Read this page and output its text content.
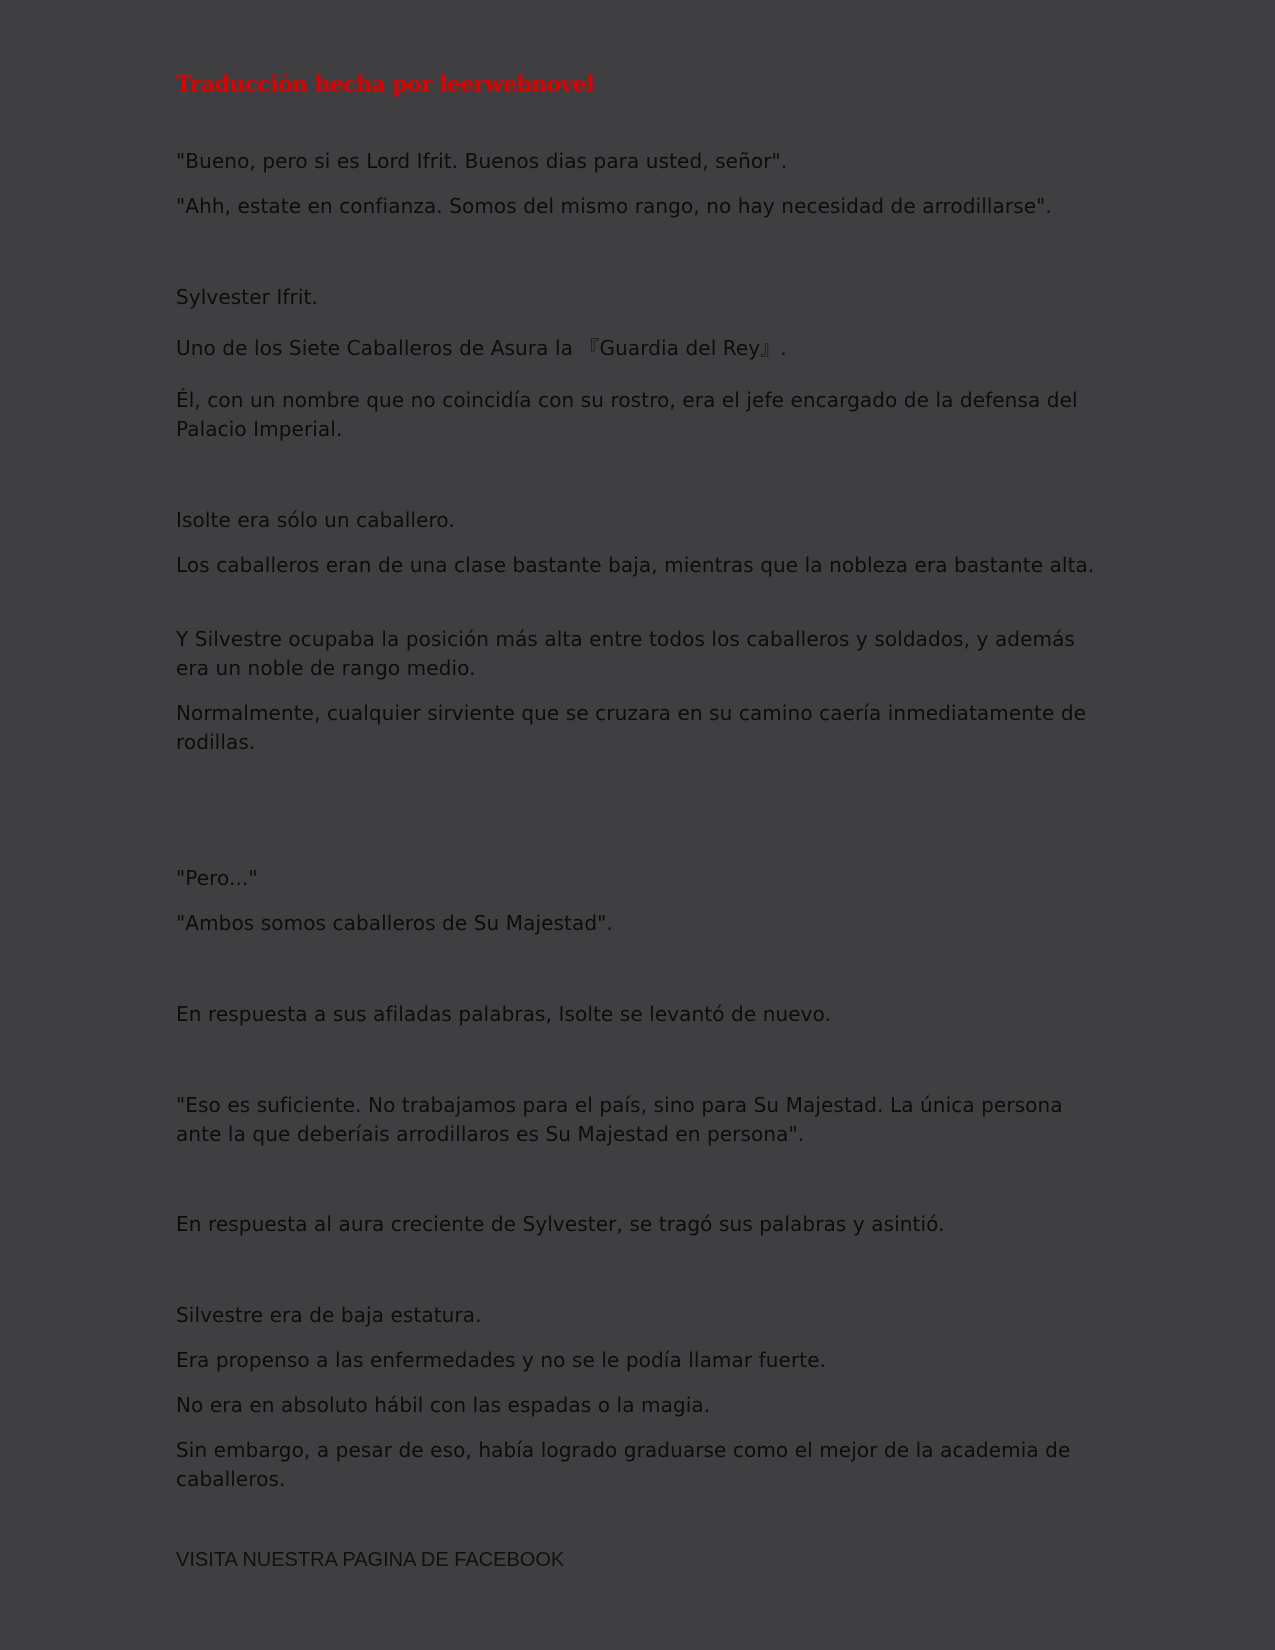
Traducción hecha por leerwebnovel

"Bueno, pero si es Lord Ifrit. Buenos dias para usted, señor".

"Ahh, estate en confianza. Somos del mismo rango, no hay necesidad de arrodillarse".

Sylvester Ifrit.

Uno de los Siete Caballeros de Asura la 『Guardia del Rey』.

Él, con un nombre que no coincidía con su rostro, era el jefe encargado de la defensa del Palacio Imperial.

Isolte era sólo un caballero.

Los caballeros eran de una clase bastante baja, mientras que la nobleza era bastante alta.

Y Silvestre ocupaba la posición más alta entre todos los caballeros y soldados, y además era un noble de rango medio.

Normalmente, cualquier sirviente que se cruzara en su camino caería inmediatamente de rodillas.

"Pero..."

"Ambos somos caballeros de Su Majestad".

En respuesta a sus afiladas palabras, Isolte se levantó de nuevo.

"Eso es suficiente. No trabajamos para el país, sino para Su Majestad. La única persona ante la que deberíais arrodillaros es Su Majestad en persona".

En respuesta al aura creciente de Sylvester, se tragó sus palabras y asintió.

Silvestre era de baja estatura.

Era propenso a las enfermedades y no se le podía llamar fuerte.

No era en absoluto hábil con las espadas o la magia.

Sin embargo, a pesar de eso, había logrado graduarse como el mejor de la academia de caballeros.

VISITA NUESTRA PAGINA DE FACEBOOK
